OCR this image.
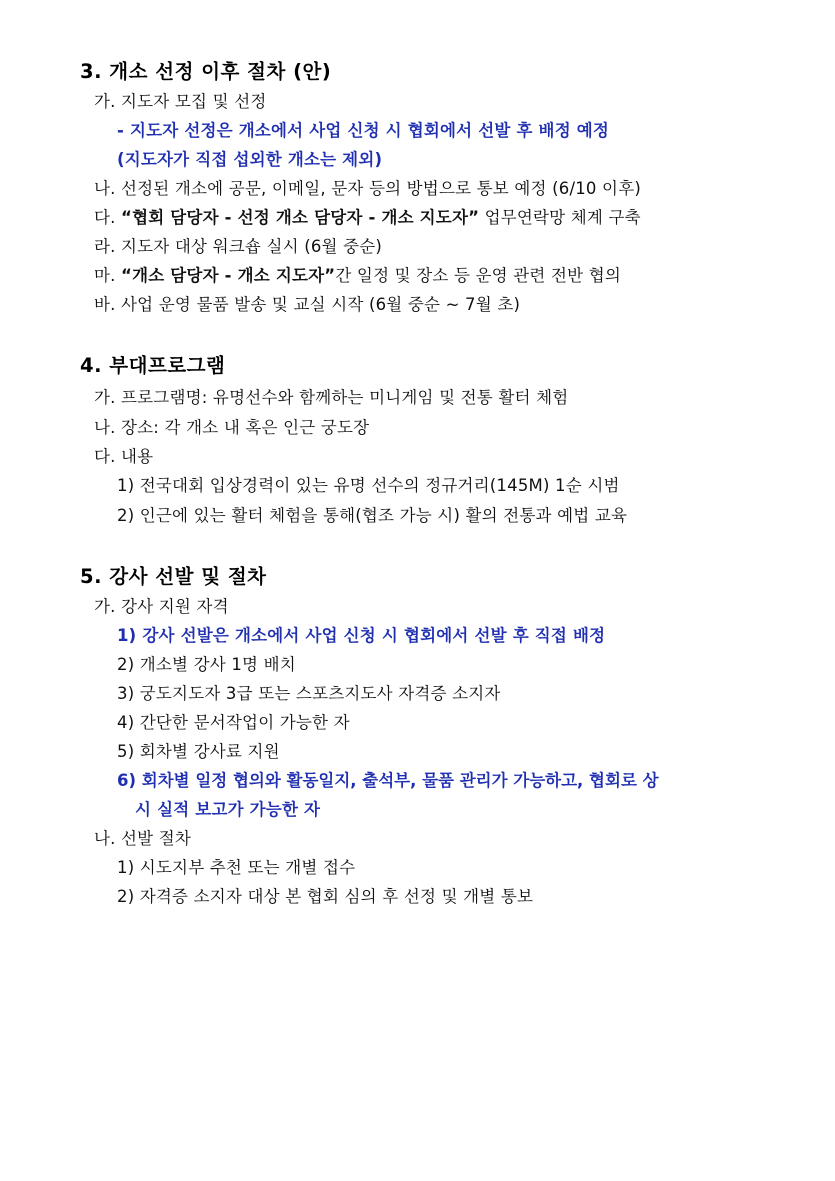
3. 개소 선정 이후 절차 (안)
가. 지도자 모집 및 선정
- 지도자 선정은 개소에서 사업 신청 시 협회에서 선발 후 배정 예정
(지도자가 직접 섭외한 개소는 제외)
나. 선정된 개소에 공문, 이메일, 문자 등의 방법으로 통보 예정 (6/10 이후)
다. “협회 담당자 - 선정 개소 담당자 - 개소 지도자” 업무연락망 체계 구축
라. 지도자 대상 워크숍 실시 (6월 중순)
마. “개소 담당자 - 개소 지도자”간 일정 및 장소 등 운영 관련 전반 협의
바. 사업 운영 물품 발송 및 교실 시작 (6월 중순 ~ 7월 초)
4. 부대프로그램
가. 프로그램명: 유명선수와 함께하는 미니게임 및 전통 활터 체험
나. 장소: 각 개소 내 혹은 인근 궁도장
다. 내용
1) 전국대회 입상경력이 있는 유명 선수의 정규거리(145M) 1순 시범
2) 인근에 있는 활터 체험을 통해(협조 가능 시) 활의 전통과 예법 교육
5. 강사 선발 및 절차
가. 강사 지원 자격
1) 강사 선발은 개소에서 사업 신청 시 협회에서 선발 후 직접 배정
2) 개소별 강사 1명 배치
3) 궁도지도자 3급 또는 스포츠지도사 자격증 소지자
4) 간단한 문서작업이 가능한 자
5) 회차별 강사료 지원
6) 회차별 일정 협의와 활동일지, 출석부, 물품 관리가 가능하고, 협회로 상
시 실적 보고가 가능한 자
나. 선발 절차
1) 시도지부 추천 또는 개별 접수
2) 자격증 소지자 대상 본 협회 심의 후 선정 및 개별 통보
